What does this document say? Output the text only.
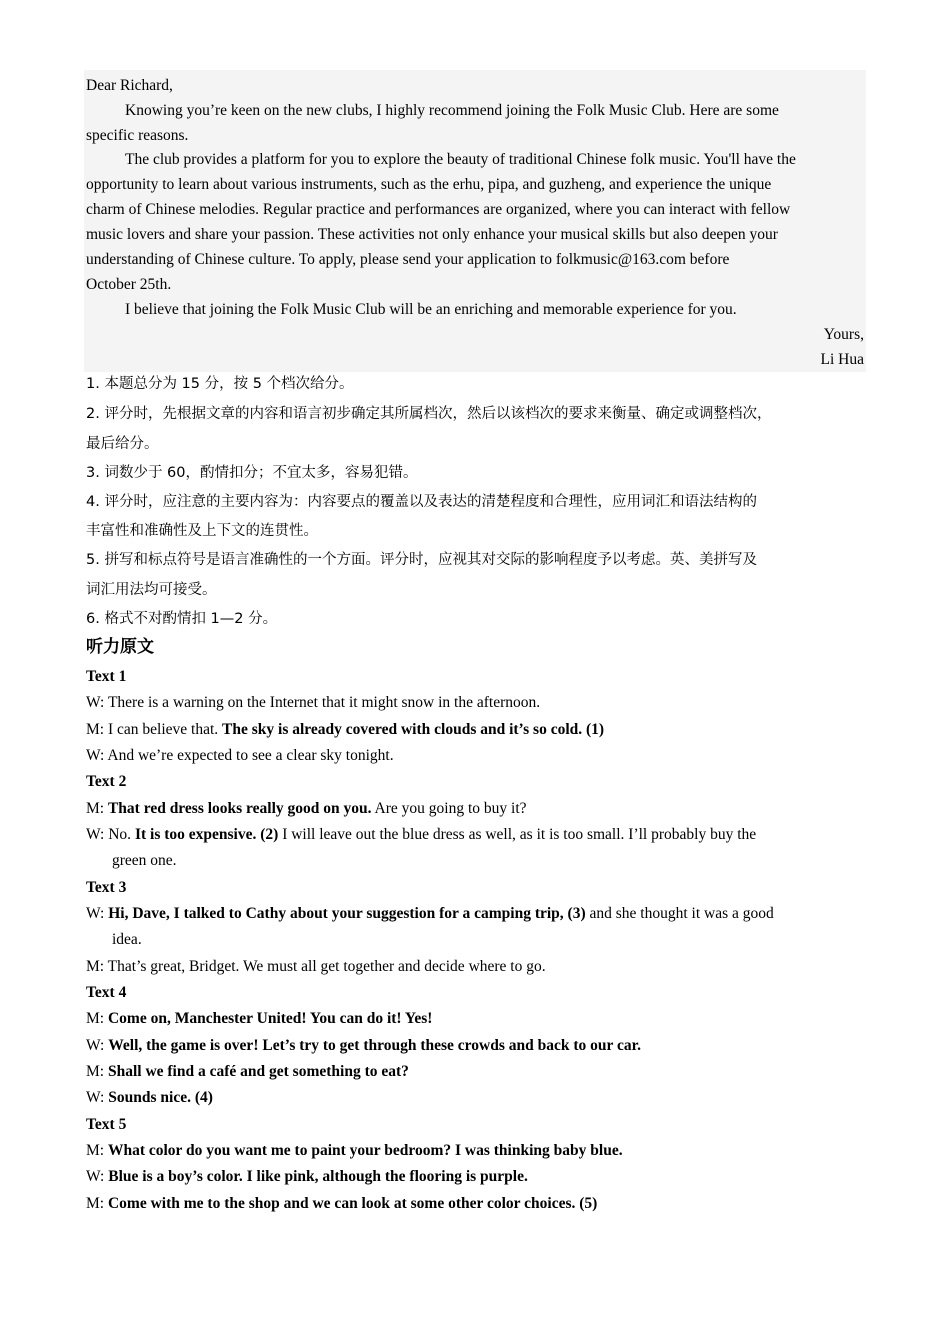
Dear Richard,
Knowing you’re keen on the new clubs, I highly recommend joining the Folk Music Club. Here are some
specific reasons.
The club provides a platform for you to explore the beauty of traditional Chinese folk music. You'll have the
opportunity to learn about various instruments, such as the erhu, pipa, and guzheng, and experience the unique
charm of Chinese melodies. Regular practice and performances are organized, where you can interact with fellow
music lovers and share your passion. These activities not only enhance your musical skills but also deepen your
understanding of Chinese culture. To apply, please send your application to folkmusic@163.com before
October 25th.
I believe that joining the Folk Music Club will be an enriching and memorable experience for you.
Yours,
Li Hua
1. 本题总分为 15 分，按 5 个档次给分。
2. 评分时，先根据文章的内容和语言初步确定其所属档次，然后以该档次的要求来衡量、确定或调整档次，
最后给分。
3. 词数少于 60，酌情扣分；不宜太多，容易犯错。
4. 评分时，应注意的主要内容为：内容要点的覆盖以及表达的清楚程度和合理性，应用词汇和语法结构的
丰富性和准确性及上下文的连贯性。
5. 拼写和标点符号是语言准确性的一个方面。评分时，应视其对交际的影响程度予以考虑。英、美拼写及
词汇用法均可接受。
6. 格式不对酌情扣 1—2 分。
听力原文
Text 1
W: There is a warning on the Internet that it might snow in the afternoon.
M: I can believe that. The sky is already covered with clouds and it’s so cold. (1)
W: And we’re expected to see a clear sky tonight.
Text 2
M: That red dress looks really good on you. Are you going to buy it?
W: No. It is too expensive. (2) I will leave out the blue dress as well, as it is too small. I’ll probably buy the
green one.
Text 3
W: Hi, Dave, I talked to Cathy about your suggestion for a camping trip, (3) and she thought it was a good
idea.
M: That’s great, Bridget. We must all get together and decide where to go.
Text 4
M: Come on, Manchester United! You can do it! Yes!
W: Well, the game is over! Let’s try to get through these crowds and back to our car.
M: Shall we find a café and get something to eat?
W: Sounds nice. (4)
Text 5
M: What color do you want me to paint your bedroom? I was thinking baby blue.
W: Blue is a boy’s color. I like pink, although the flooring is purple.
M: Come with me to the shop and we can look at some other color choices. (5)
